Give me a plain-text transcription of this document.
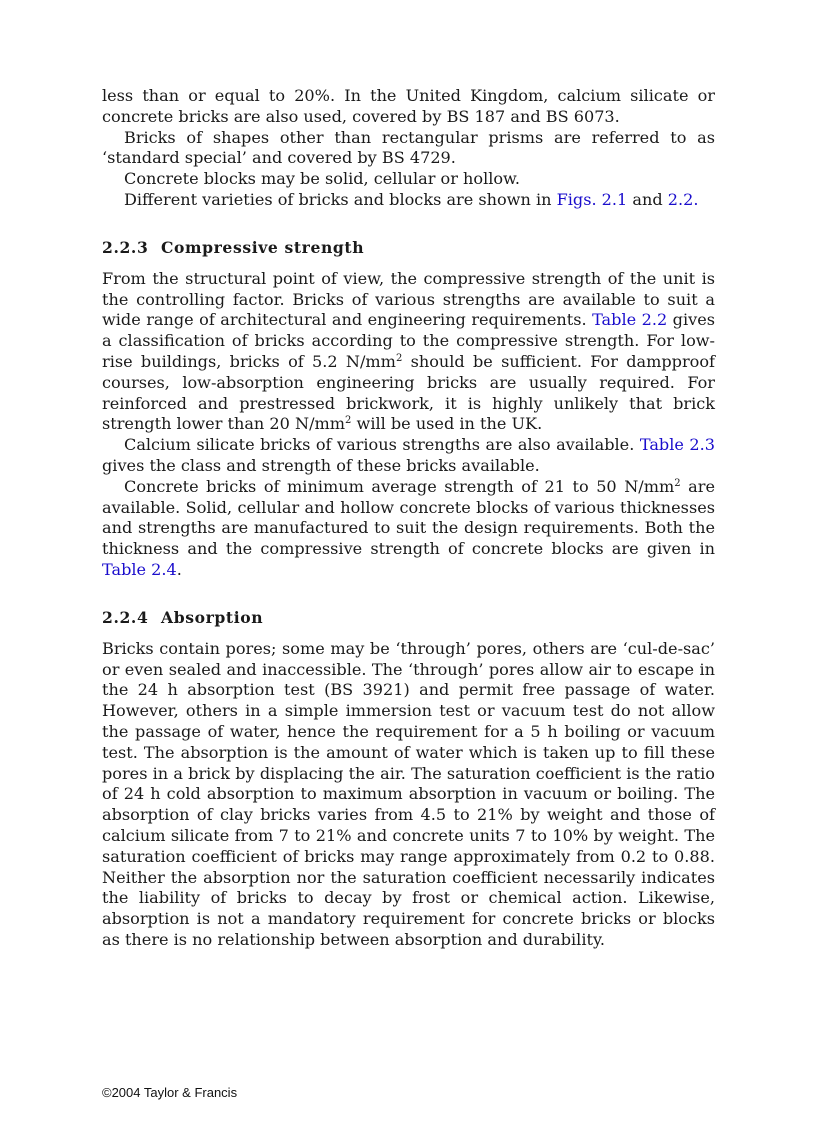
less than or equal to 20%. In the United Kingdom, calcium silicate or concrete bricks are also used, covered by BS 187 and BS 6073.

Bricks of shapes other than rectangular prisms are referred to as ‘standard special’ and covered by BS 4729.

Concrete blocks may be solid, cellular or hollow.

Different varieties of bricks and blocks are shown in Figs. 2.1 and 2.2.

2.2.3 Compressive strength

From the structural point of view, the compressive strength of the unit is the controlling factor. Bricks of various strengths are available to suit a wide range of architectural and engineering requirements. Table 2.2 gives a classification of bricks according to the compressive strength. For low-rise buildings, bricks of 5.2 $N/mm^2$ should be sufficient. For dampproof courses, low-absorption engineering bricks are usually required. For reinforced and prestressed brickwork, it is highly unlikely that brick strength lower than 20 $N/mm^2$ will be used in the UK.

Calcium silicate bricks of various strengths are also available. Table 2.3 gives the class and strength of these bricks available.

Concrete bricks of minimum average strength of 21 to 50 $N/mm^2$ are available. Solid, cellular and hollow concrete blocks of various thicknesses and strengths are manufactured to suit the design requirements. Both the thickness and the compressive strength of concrete blocks are given in Table 2.4.

2.2.4 Absorption

Bricks contain pores; some may be ‘through’ pores, others are ‘cul-de-sac’ or even sealed and inaccessible. The ‘through’ pores allow air to escape in the 24 h absorption test (BS 3921) and permit free passage of water. However, others in a simple immersion test or vacuum test do not allow the passage of water, hence the requirement for a 5 h boiling or vacuum test. The absorption is the amount of water which is taken up to fill these pores in a brick by displacing the air. The saturation coefficient is the ratio of 24 h cold absorption to maximum absorption in vacuum or boiling. The absorption of clay bricks varies from 4.5 to 21% by weight and those of calcium silicate from 7 to 21% and concrete units 7 to 10% by weight. The saturation coefficient of bricks may range approximately from 0.2 to 0.88. Neither the absorption nor the saturation coefficient necessarily indicates the liability of bricks to decay by frost or chemical action. Likewise, absorption is not a mandatory requirement for concrete bricks or blocks as there is no relationship between absorption and durability.

©2004 Taylor & Francis
